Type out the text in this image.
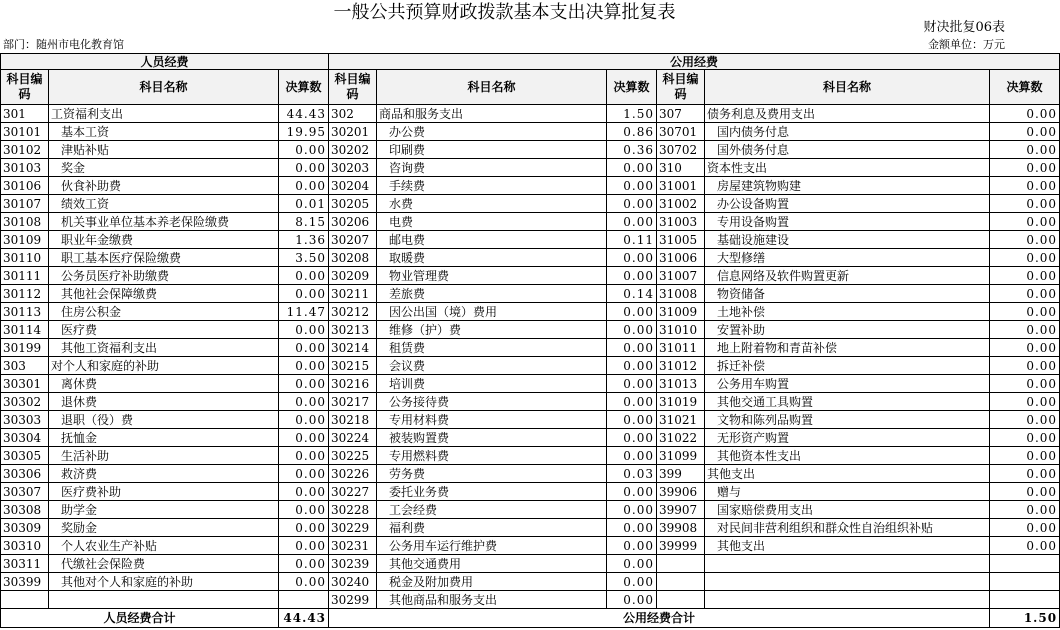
一般公共预算财政拨款基本支出决算批复表
财决批复06表
部门：随州市电化教育馆	金额单位：万元
人员经费			公用经费					
科目编码	科目名称	决算数	科目编码	科目名称	决算数	科目编码	科目名称	决算数
301	工资福利支出	44.43	302	商品和服务支出	1.50	307	债务利息及费用支出	0.00
30101	基本工资	19.95	30201	办公费	0.86	30701	国内债务付息	0.00
30102	津贴补贴	0.00	30202	印刷费	0.36	30702	国外债务付息	0.00
30103	奖金	0.00	30203	咨询费	0.00	310	资本性支出	0.00
30106	伙食补助费	0.00	30204	手续费	0.00	31001	房屋建筑物购建	0.00
30107	绩效工资	0.01	30205	水费	0.00	31002	办公设备购置	0.00
30108	机关事业单位基本养老保险缴费	8.15	30206	电费	0.00	31003	专用设备购置	0.00
30109	职业年金缴费	1.36	30207	邮电费	0.11	31005	基础设施建设	0.00
30110	职工基本医疗保险缴费	3.50	30208	取暖费	0.00	31006	大型修缮	0.00
30111	公务员医疗补助缴费	0.00	30209	物业管理费	0.00	31007	信息网络及软件购置更新	0.00
30112	其他社会保障缴费	0.00	30211	差旅费	0.14	31008	物资储备	0.00
30113	住房公积金	11.47	30212	因公出国（境）费用	0.00	31009	土地补偿	0.00
30114	医疗费	0.00	30213	维修（护）费	0.00	31010	安置补助	0.00
30199	其他工资福利支出	0.00	30214	租赁费	0.00	31011	地上附着物和青苗补偿	0.00
303	对个人和家庭的补助	0.00	30215	会议费	0.00	31012	拆迁补偿	0.00
30301	离休费	0.00	30216	培训费	0.00	31013	公务用车购置	0.00
30302	退休费	0.00	30217	公务接待费	0.00	31019	其他交通工具购置	0.00
30303	退职（役）费	0.00	30218	专用材料费	0.00	31021	文物和陈列品购置	0.00
30304	抚恤金	0.00	30224	被装购置费	0.00	31022	无形资产购置	0.00
30305	生活补助	0.00	30225	专用燃料费	0.00	31099	其他资本性支出	0.00
30306	救济费	0.00	30226	劳务费	0.03	399	其他支出	0.00
30307	医疗费补助	0.00	30227	委托业务费	0.00	39906	赠与	0.00
30308	助学金	0.00	30228	工会经费	0.00	39907	国家赔偿费用支出	0.00
30309	奖励金	0.00	30229	福利费	0.00	39908	对民间非营利组织和群众性自治组织补贴	0.00
30310	个人农业生产补贴	0.00	30231	公务用车运行维护费	0.00	39999	其他支出	0.00
30311	代缴社会保险费	0.00	30239	其他交通费用	0.00			
30399	其他对个人和家庭的补助	0.00	30240	税金及附加费用	0.00			
			30299	其他商品和服务支出	0.00			
人员经费合计		44.43	公用经费合计					1.50
